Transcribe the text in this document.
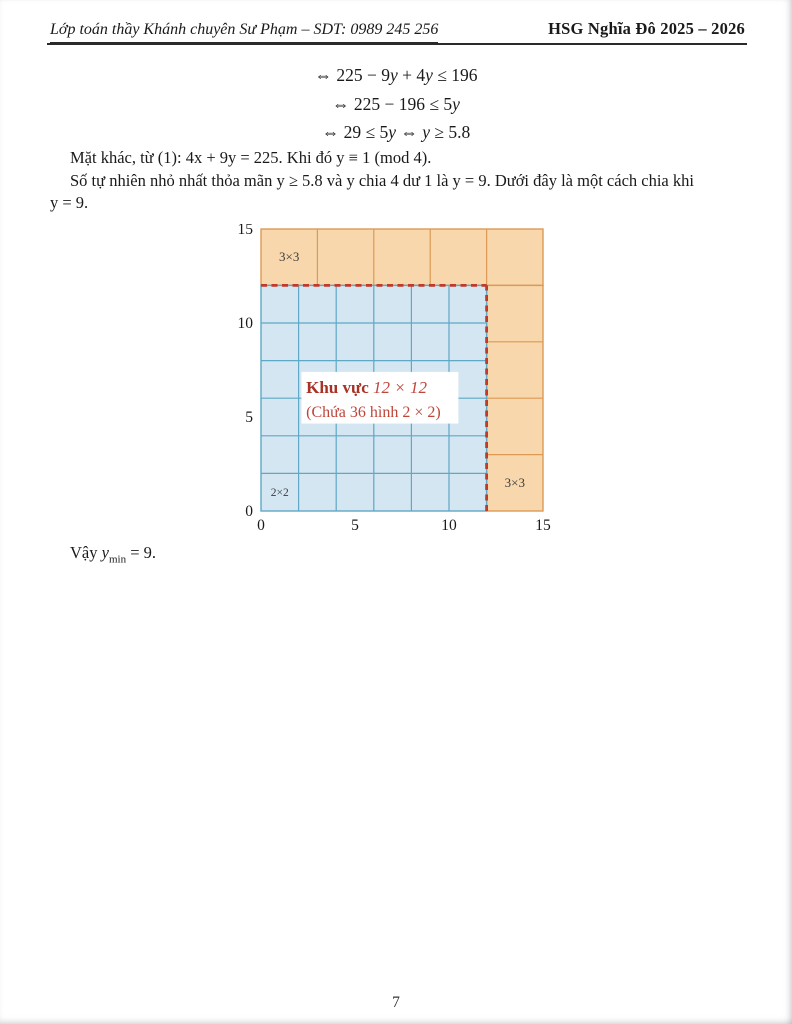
Lớp toán thầy Khánh chuyên Sư Phạm – SDT: 0989 245 256	HSG Nghĩa Đô 2025 – 2026
⇔ 225 − 9y + 4y ≤ 196
⇔ 225 − 196 ≤ 5y
⇔ 29 ≤ 5y ⇔ y ≥ 5.8
Mặt khác, từ (1): 4x + 9y = 225. Khi đó y ≡ 1 (mod 4).
Số tự nhiên nhỏ nhất thỏa mãn y ≥ 5.8 và y chia 4 dư 1 là y = 9. Dưới đây là một cách chia khi
y = 9.
0	5	10	15
0
5
10
15
3×3
2×2
3×3
Khu vực 12 × 12
(Chứa 36 hình 2 × 2)
Vậy $y_{min} = 9$.
7
